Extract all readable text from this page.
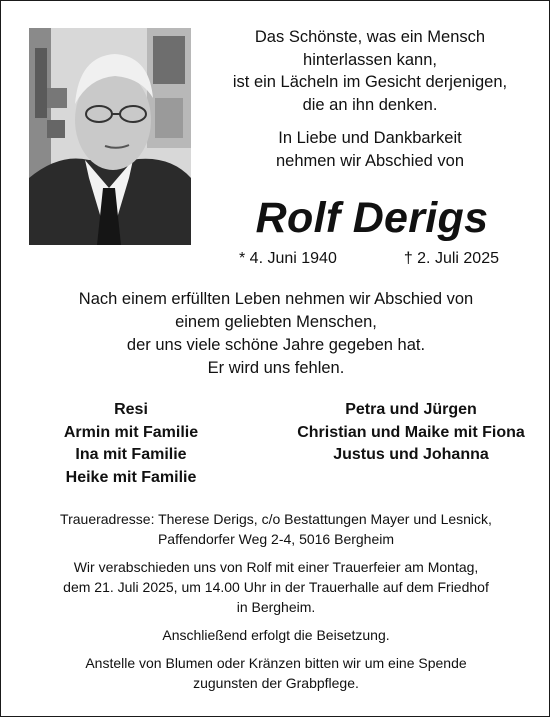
Das Schönste, was ein Mensch
hinterlassen kann,
ist ein Lächeln im Gesicht derjenigen,
die an ihn denken.

In Liebe und Dankbarkeit
nehmen wir Abschied von

Rolf Derigs
* 4. Juni 1940	† 2. Juli 2025

Nach einem erfüllten Leben nehmen wir Abschied von
einem geliebten Menschen,
der uns viele schöne Jahre gegeben hat.
Er wird uns fehlen.

Resi
Armin mit Familie
Ina mit Familie
Heike mit Familie
Petra und Jürgen
Christian und Maike mit Fiona
Justus und Johanna

Traueradresse: Therese Derigs, c/o Bestattungen Mayer und Lesnick,
Paffendorfer Weg 2-4, 5016 Bergheim

Wir verabschieden uns von Rolf mit einer Trauerfeier am Montag,
dem 21. Juli 2025, um 14.00 Uhr in der Trauerhalle auf dem Friedhof
in Bergheim.

Anschließend erfolgt die Beisetzung.

Anstelle von Blumen oder Kränzen bitten wir um eine Spende
zugunsten der Grabpflege.
